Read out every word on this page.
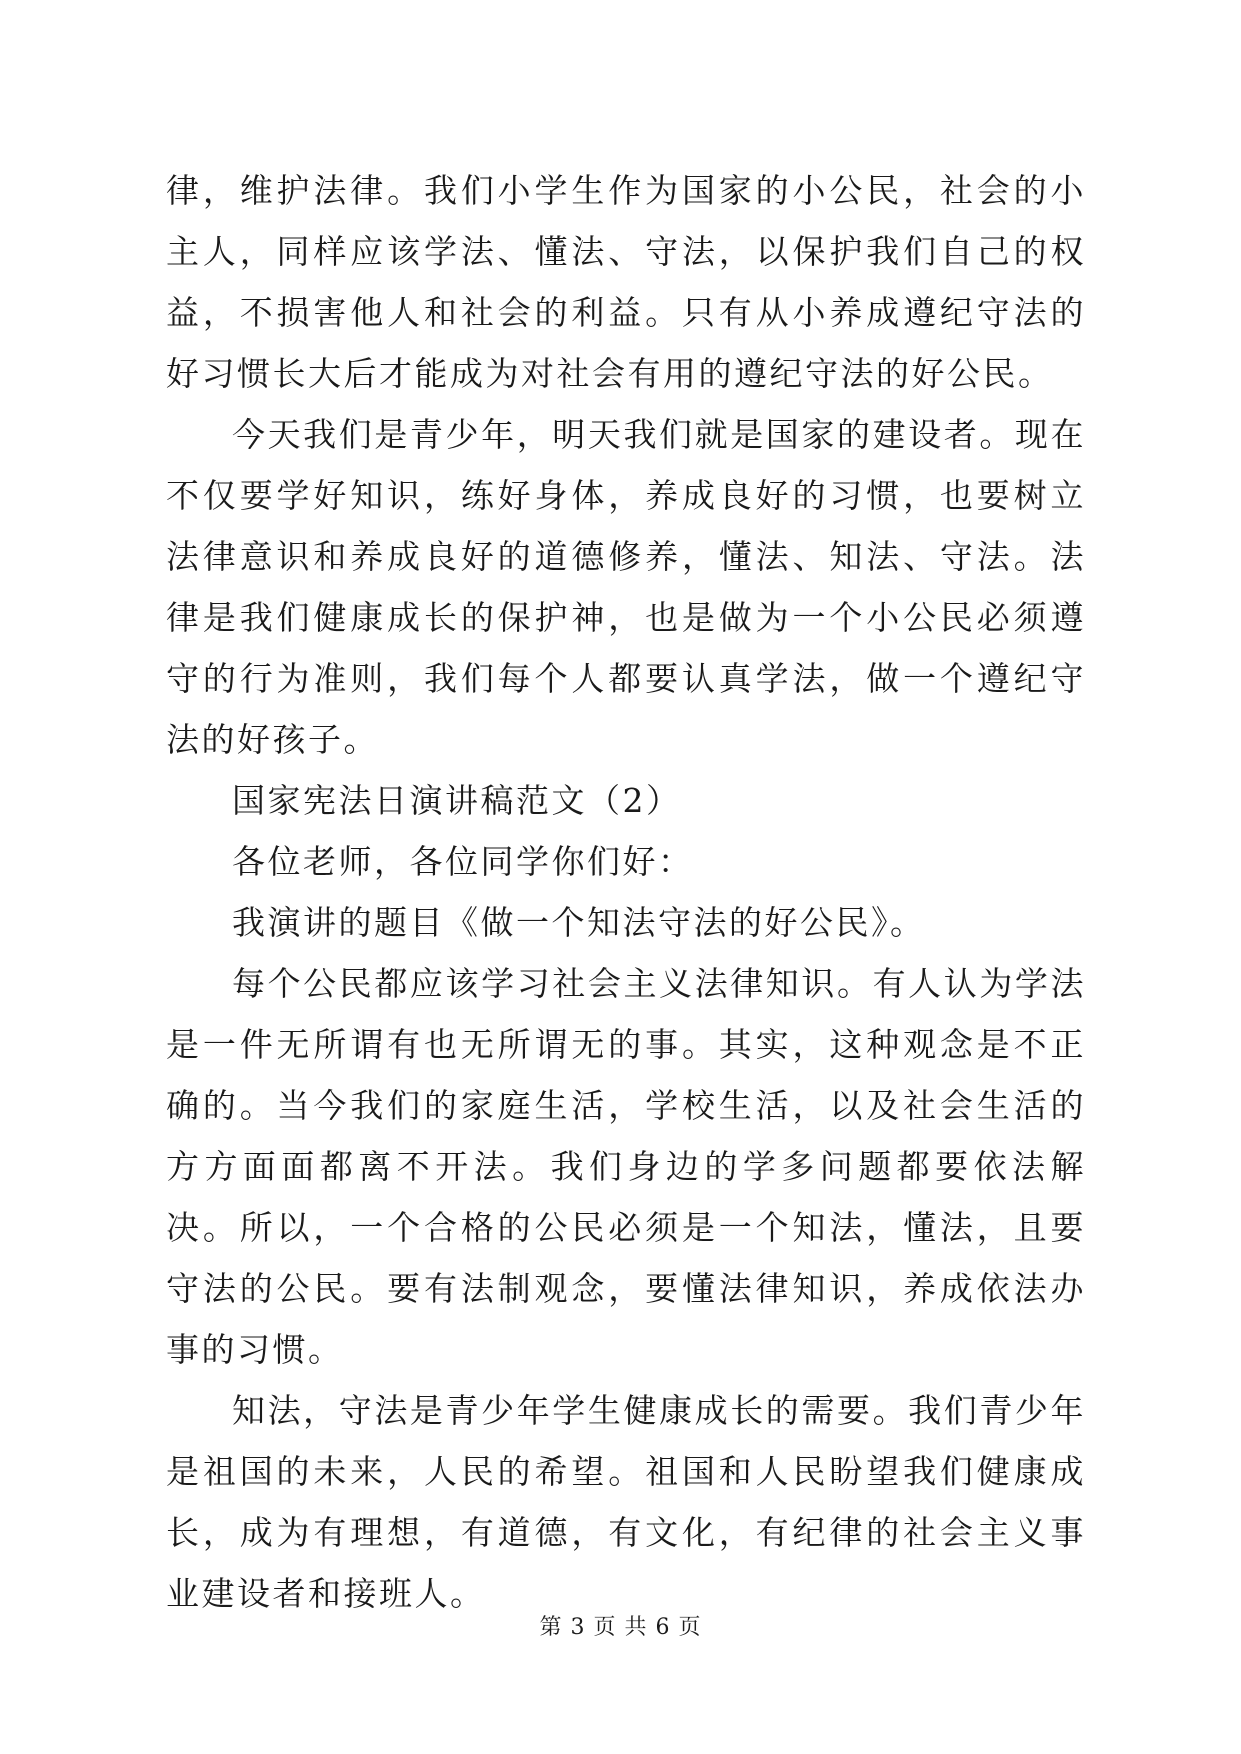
律，维护法律。我们小学生作为国家的小公民，社会的小主人，同样应该学法、懂法、守法，以保护我们自己的权益，不损害他人和社会的利益。只有从小养成遵纪守法的好习惯长大后才能成为对社会有用的遵纪守法的好公民。

今天我们是青少年，明天我们就是国家的建设者。现在不仅要学好知识，练好身体，养成良好的习惯，也要树立法律意识和养成良好的道德修养，懂法、知法、守法。法律是我们健康成长的保护神，也是做为一个小公民必须遵守的行为准则，我们每个人都要认真学法，做一个遵纪守法的好孩子。

国家宪法日演讲稿范文（2）

各位老师，各位同学你们好：

我演讲的题目《做一个知法守法的好公民》。

每个公民都应该学习社会主义法律知识。有人认为学法是一件无所谓有也无所谓无的事。其实，这种观念是不正确的。当今我们的家庭生活，学校生活，以及社会生活的方方面面都离不开法。我们身边的学多问题都要依法解决。所以，一个合格的公民必须是一个知法，懂法，且要守法的公民。要有法制观念，要懂法律知识，养成依法办事的习惯。

知法，守法是青少年学生健康成长的需要。我们青少年是祖国的未来，人民的希望。祖国和人民盼望我们健康成长，成为有理想，有道德，有文化，有纪律的社会主义事业建设者和接班人。

第 3 页 共 6 页
